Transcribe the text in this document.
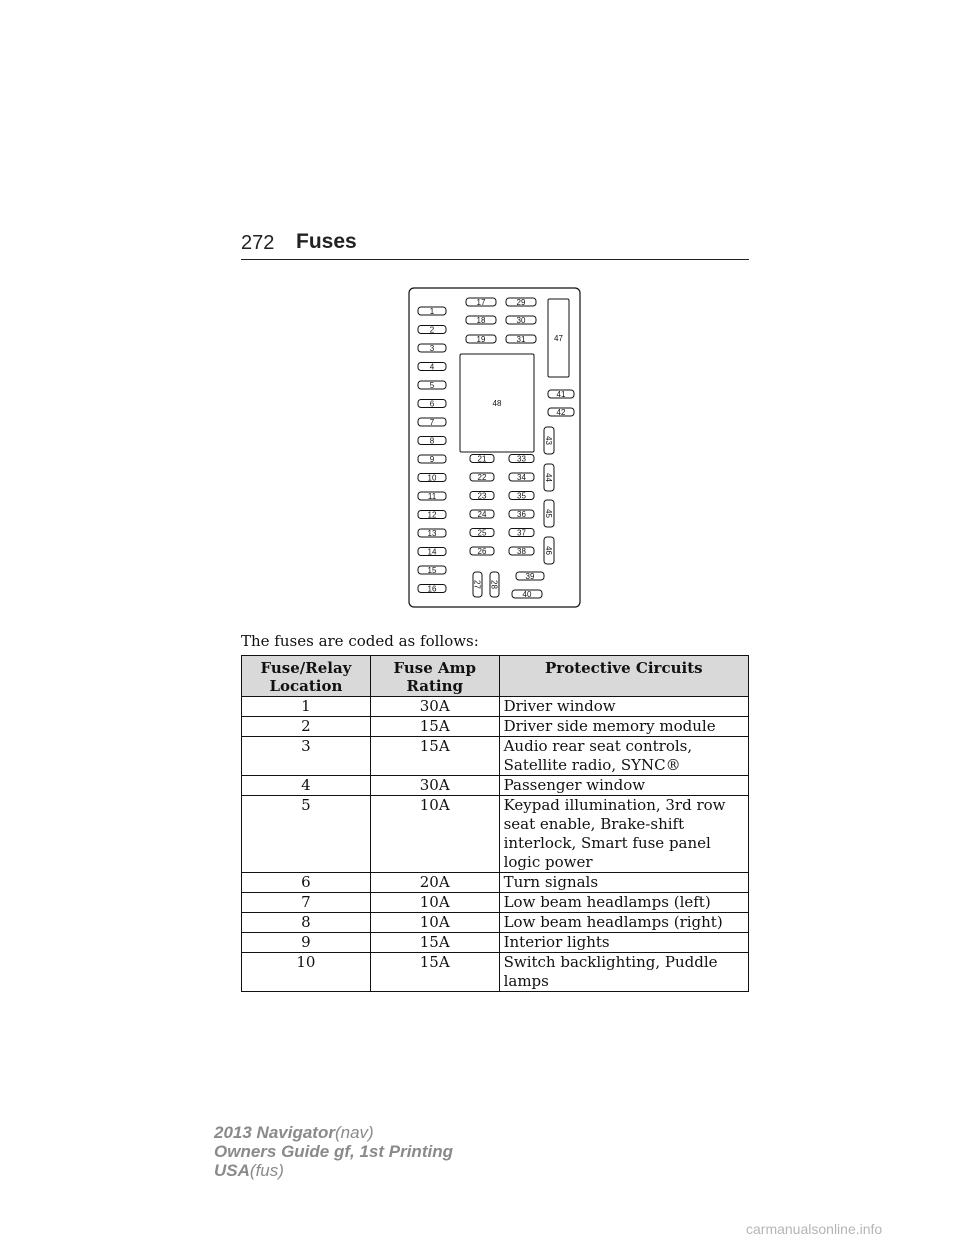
272 Fuses
1
2
3
4
5
6
7
8
9
10
11
12
13
14
15
16
17
18
19
21
22
23
24
25
26
27 28
29
30
31
33
34
35
36
37
38
39
40
41
42
43
44
45
46
47
48
The fuses are coded as follows:
Fuse/Relay Location	Fuse Amp Rating	Protective Circuits
1	30A	Driver window
2	15A	Driver side memory module
3	15A	Audio rear seat controls, Satellite radio, SYNC®
4	30A	Passenger window
5	10A	Keypad illumination, 3rd row seat enable, Brake-shift interlock, Smart fuse panel logic power
6	20A	Turn signals
7	10A	Low beam headlamps (left)
8	10A	Low beam headlamps (right)
9	15A	Interior lights
10	15A	Switch backlighting, Puddle lamps
2013 Navigator(nav)
Owners Guide gf, 1st Printing
USA(fus)
carmanualsonline.info
